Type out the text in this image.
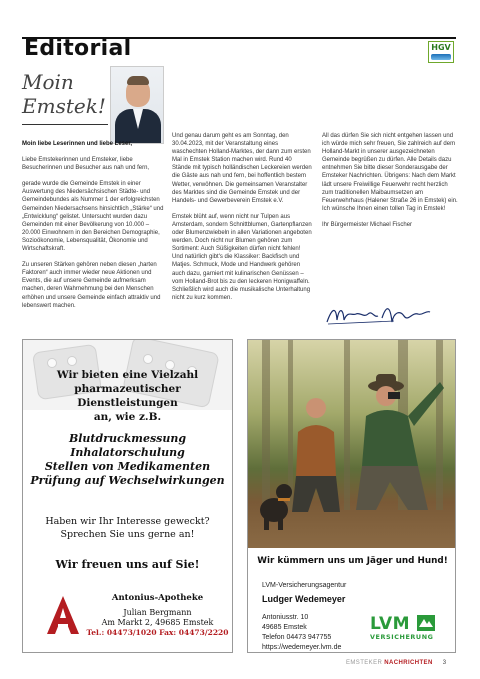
Editorial	HGV
Moin Emstek!

Moin liebe Leserinnen und liebe Leser,

Liebe Emstekerinnen und Emsteker, liebe Besucherinnen und Besucher aus nah und fern,

gerade wurde die Gemeinde Emstek in einer Auswertung des Niedersächsischen Städte- und Gemeindebundes als Nummer 1 der erfolgreichsten Gemeinden Niedersachsens hinsichtlich „Stärke“ und „Entwicklung“ gelistet. Untersucht wurden dazu Gemeinden mit einer Bevölkerung von 10.000 – 20.000 Einwohnern in den Bereichen Demographie, Sozioökonomie, Lebensqualität, Ökonomie und Wirtschaftskraft.

Zu unseren Stärken gehören neben diesen „harten Faktoren“ auch immer wieder neue Aktionen und Events, die auf unsere Gemeinde aufmerksam machen, deren Wahrnehmung bei den Menschen erhöhen und unsere Gemeinde einfach attraktiv und lebenswert machen.

Und genau darum geht es am Sonntag, den 30.04.2023, mit der Veranstaltung eines waschechten Holland-Marktes, der dann zum ersten Mal in Emstek Station machen wird. Rund 40 Stände mit typisch holländischen Leckereien werden die Gäste aus nah und fern, bei hoffentlich bestem Wetter, verwöhnen. Die gemeinsamen Veranstalter des Marktes sind die Gemeinde Emstek und der Handels- und Gewerbeverein Emstek e.V.

Emstek blüht auf, wenn nicht nur Tulpen aus Amsterdam, sondern Schnittblumen, Gartenpflanzen oder Blumenzwiebeln in allen Variationen angeboten werden. Doch nicht nur Blumen gehören zum Sortiment: Auch Süßigkeiten dürfen nicht fehlen! Und natürlich gibt's die Klassiker: Backfisch und Matjes. Schmuck, Mode und Handwerk gehören auch dazu, garniert mit kulinarischen Genüssen – vom Holland-Brot bis zu den leckeren Honigwaffeln. Schließlich wird auch die musikalische Unterhaltung nicht zu kurz kommen.

All das dürfen Sie sich nicht entgehen lassen und ich würde mich sehr freuen, Sie zahlreich auf dem Holland-Markt in unserer ausgezeichneten Gemeinde begrüßen zu dürfen. Alle Details dazu entnehmen Sie bitte dieser Sonderausgabe der Emsteker Nachrichten. Übrigens: Nach dem Markt lädt unsere Freiwillige Feuerwehr recht herzlich zum traditionellen Maibaumsetzen am Feuerwehrhaus (Halener Straße 26 in Emstek) ein. Ich wünsche Ihnen einen tollen Tag in Emstek!

Ihr Bürgermeister Michael Fischer

Wir bieten eine Vielzahl
pharmazeutischer Dienstleistungen
an, wie z.B.
Blutdruckmessung
Inhalatorschulung
Stellen von Medikamenten
Prüfung auf Wechselwirkungen
Haben wir Ihr Interesse geweckt?
Sprechen Sie uns gerne an!
Wir freuen uns auf Sie!
Antonius-Apotheke
Julian Bergmann
Am Markt 2, 49685 Emstek
Tel.: 04473/1020 Fax: 04473/2220
Wir kümmern uns um Jäger und Hund!
LVM-Versicherungsagentur
Ludger Wedemeyer
Antoniusstr. 10
49685 Emstek
Telefon 04473 947755
https://wedemeyer.lvm.de
LVM
VERSICHERUNG
EMSTEKER NACHRICHTEN 3
